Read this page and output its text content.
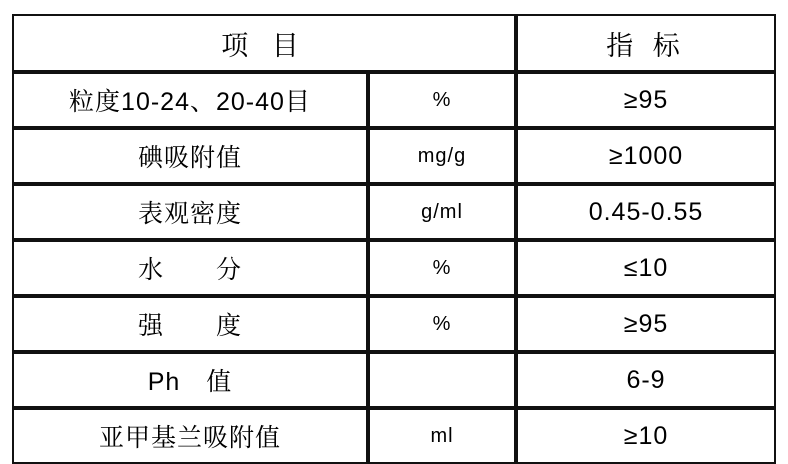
项 目		指 标
粒度10-24、20-40目	%	≥95
碘吸附值	mg/g	≥1000
表观密度	g/ml	0.45-0.55
水　　分	%	≤10
强　　度	%	≥95
Ph　值		6-9
亚甲基兰吸附值	ml	≥10
